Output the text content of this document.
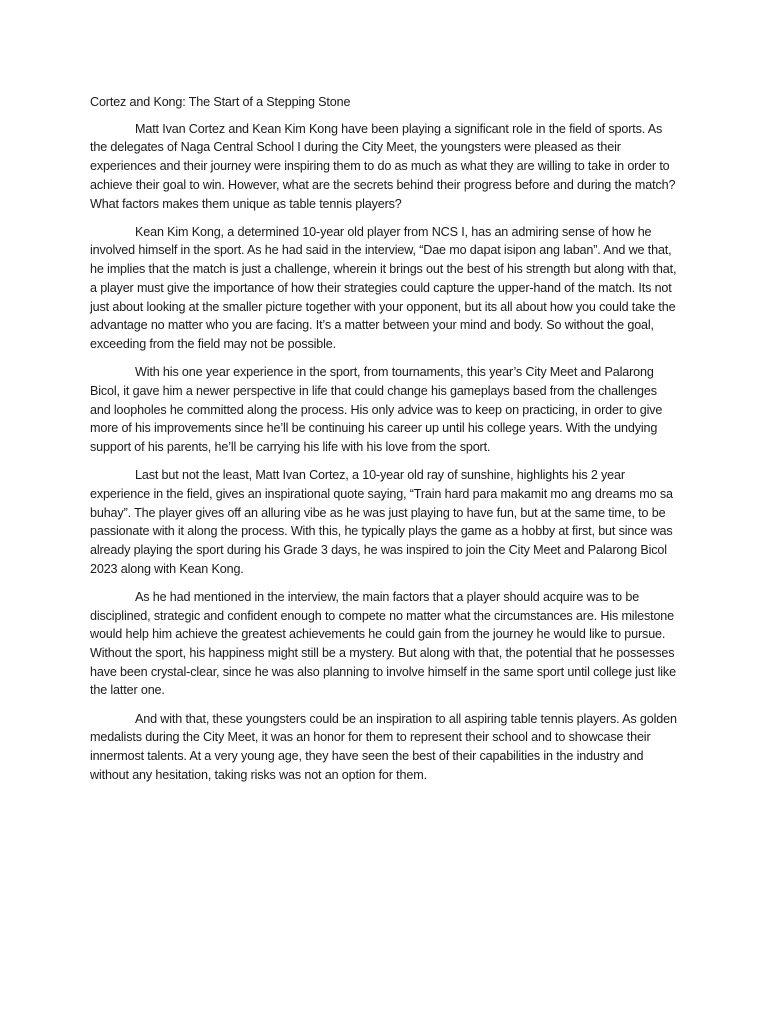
Cortez and Kong: The Start of a Stepping Stone

Matt Ivan Cortez and Kean Kim Kong have been playing a significant role in the field of sports. As the delegates of Naga Central School I during the City Meet, the youngsters were pleased as their experiences and their journey were inspiring them to do as much as what they are willing to take in order to achieve their goal to win. However, what are the secrets behind their progress before and during the match? What factors makes them unique as table tennis players?

Kean Kim Kong, a determined 10-year old player from NCS I, has an admiring sense of how he involved himself in the sport. As he had said in the interview, “Dae mo dapat isipon ang laban”. And we that, he implies that the match is just a challenge, wherein it brings out the best of his strength but along with that, a player must give the importance of how their strategies could capture the upper-hand of the match. Its not just about looking at the smaller picture together with your opponent, but its all about how you could take the advantage no matter who you are facing. It’s a matter between your mind and body. So without the goal, exceeding from the field may not be possible.

With his one year experience in the sport, from tournaments, this year’s City Meet and Palarong Bicol, it gave him a newer perspective in life that could change his gameplays based from the challenges and loopholes he committed along the process. His only advice was to keep on practicing, in order to give more of his improvements since he’ll be continuing his career up until his college years. With the undying support of his parents, he’ll be carrying his life with his love from the sport.

Last but not the least, Matt Ivan Cortez, a 10-year old ray of sunshine, highlights his 2 year experience in the field, gives an inspirational quote saying, “Train hard para makamit mo ang dreams mo sa buhay”. The player gives off an alluring vibe as he was just playing to have fun, but at the same time, to be passionate with it along the process. With this, he typically plays the game as a hobby at first, but since was already playing the sport during his Grade 3 days, he was inspired to join the City Meet and Palarong Bicol 2023 along with Kean Kong.

As he had mentioned in the interview, the main factors that a player should acquire was to be disciplined, strategic and confident enough to compete no matter what the circumstances are. His milestone would help him achieve the greatest achievements he could gain from the journey he would like to pursue. Without the sport, his happiness might still be a mystery. But along with that, the potential that he possesses have been crystal-clear, since he was also planning to involve himself in the same sport until college just like the latter one.

And with that, these youngsters could be an inspiration to all aspiring table tennis players. As golden medalists during the City Meet, it was an honor for them to represent their school and to showcase their innermost talents. At a very young age, they have seen the best of their capabilities in the industry and without any hesitation, taking risks was not an option for them.
